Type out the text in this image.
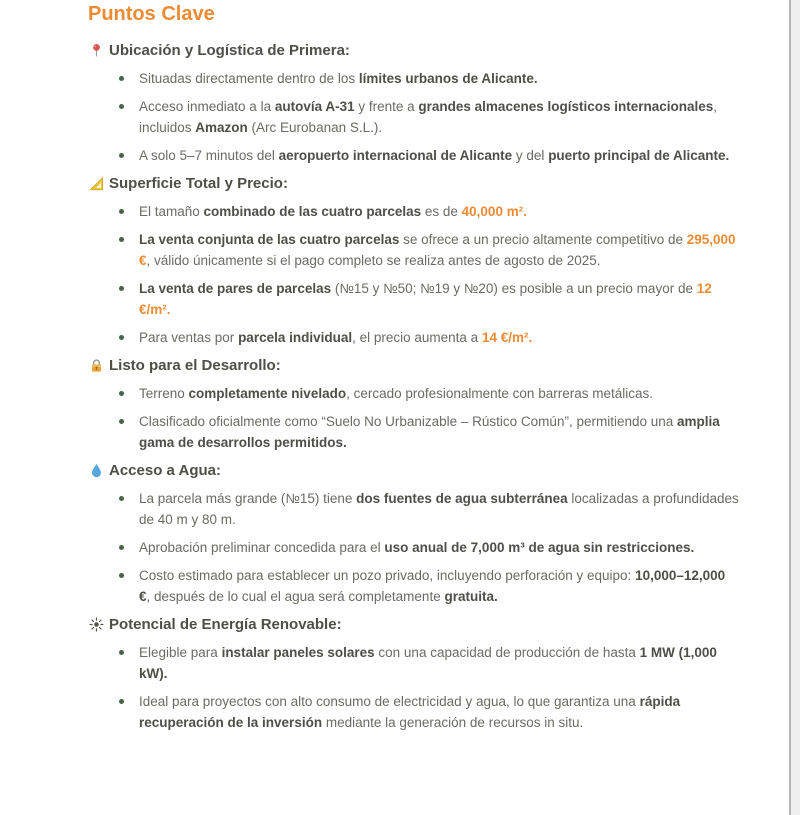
Puntos Clave
Ubicación y Logística de Primera:
Situadas directamente dentro de los límites urbanos de Alicante.
Acceso inmediato a la autovía A-31 y frente a grandes almacenes logísticos internacionales, incluidos Amazon (Arc Eurobanan S.L.).
A solo 5–7 minutos del aeropuerto internacional de Alicante y del puerto principal de Alicante.
Superficie Total y Precio:
El tamaño combinado de las cuatro parcelas es de 40,000 m².
La venta conjunta de las cuatro parcelas se ofrece a un precio altamente competitivo de 295,000 €, válido únicamente si el pago completo se realiza antes de agosto de 2025.
La venta de pares de parcelas (№15 y №50; №19 y №20) es posible a un precio mayor de 12 €/m².
Para ventas por parcela individual, el precio aumenta a 14 €/m².
Listo para el Desarrollo:
Terreno completamente nivelado, cercado profesionalmente con barreras metálicas.
Clasificado oficialmente como “Suelo No Urbanizable – Rústico Común”, permitiendo una amplia gama de desarrollos permitidos.
Acceso a Agua:
La parcela más grande (№15) tiene dos fuentes de agua subterránea localizadas a profundidades de 40 m y 80 m.
Aprobación preliminar concedida para el uso anual de 7,000 m³ de agua sin restricciones.
Costo estimado para establecer un pozo privado, incluyendo perforación y equipo: 10,000–12,000 €, después de lo cual el agua será completamente gratuita.
Potencial de Energía Renovable:
Elegible para instalar paneles solares con una capacidad de producción de hasta 1 MW (1,000 kW).
Ideal para proyectos con alto consumo de electricidad y agua, lo que garantiza una rápida recuperación de la inversión mediante la generación de recursos in situ.
